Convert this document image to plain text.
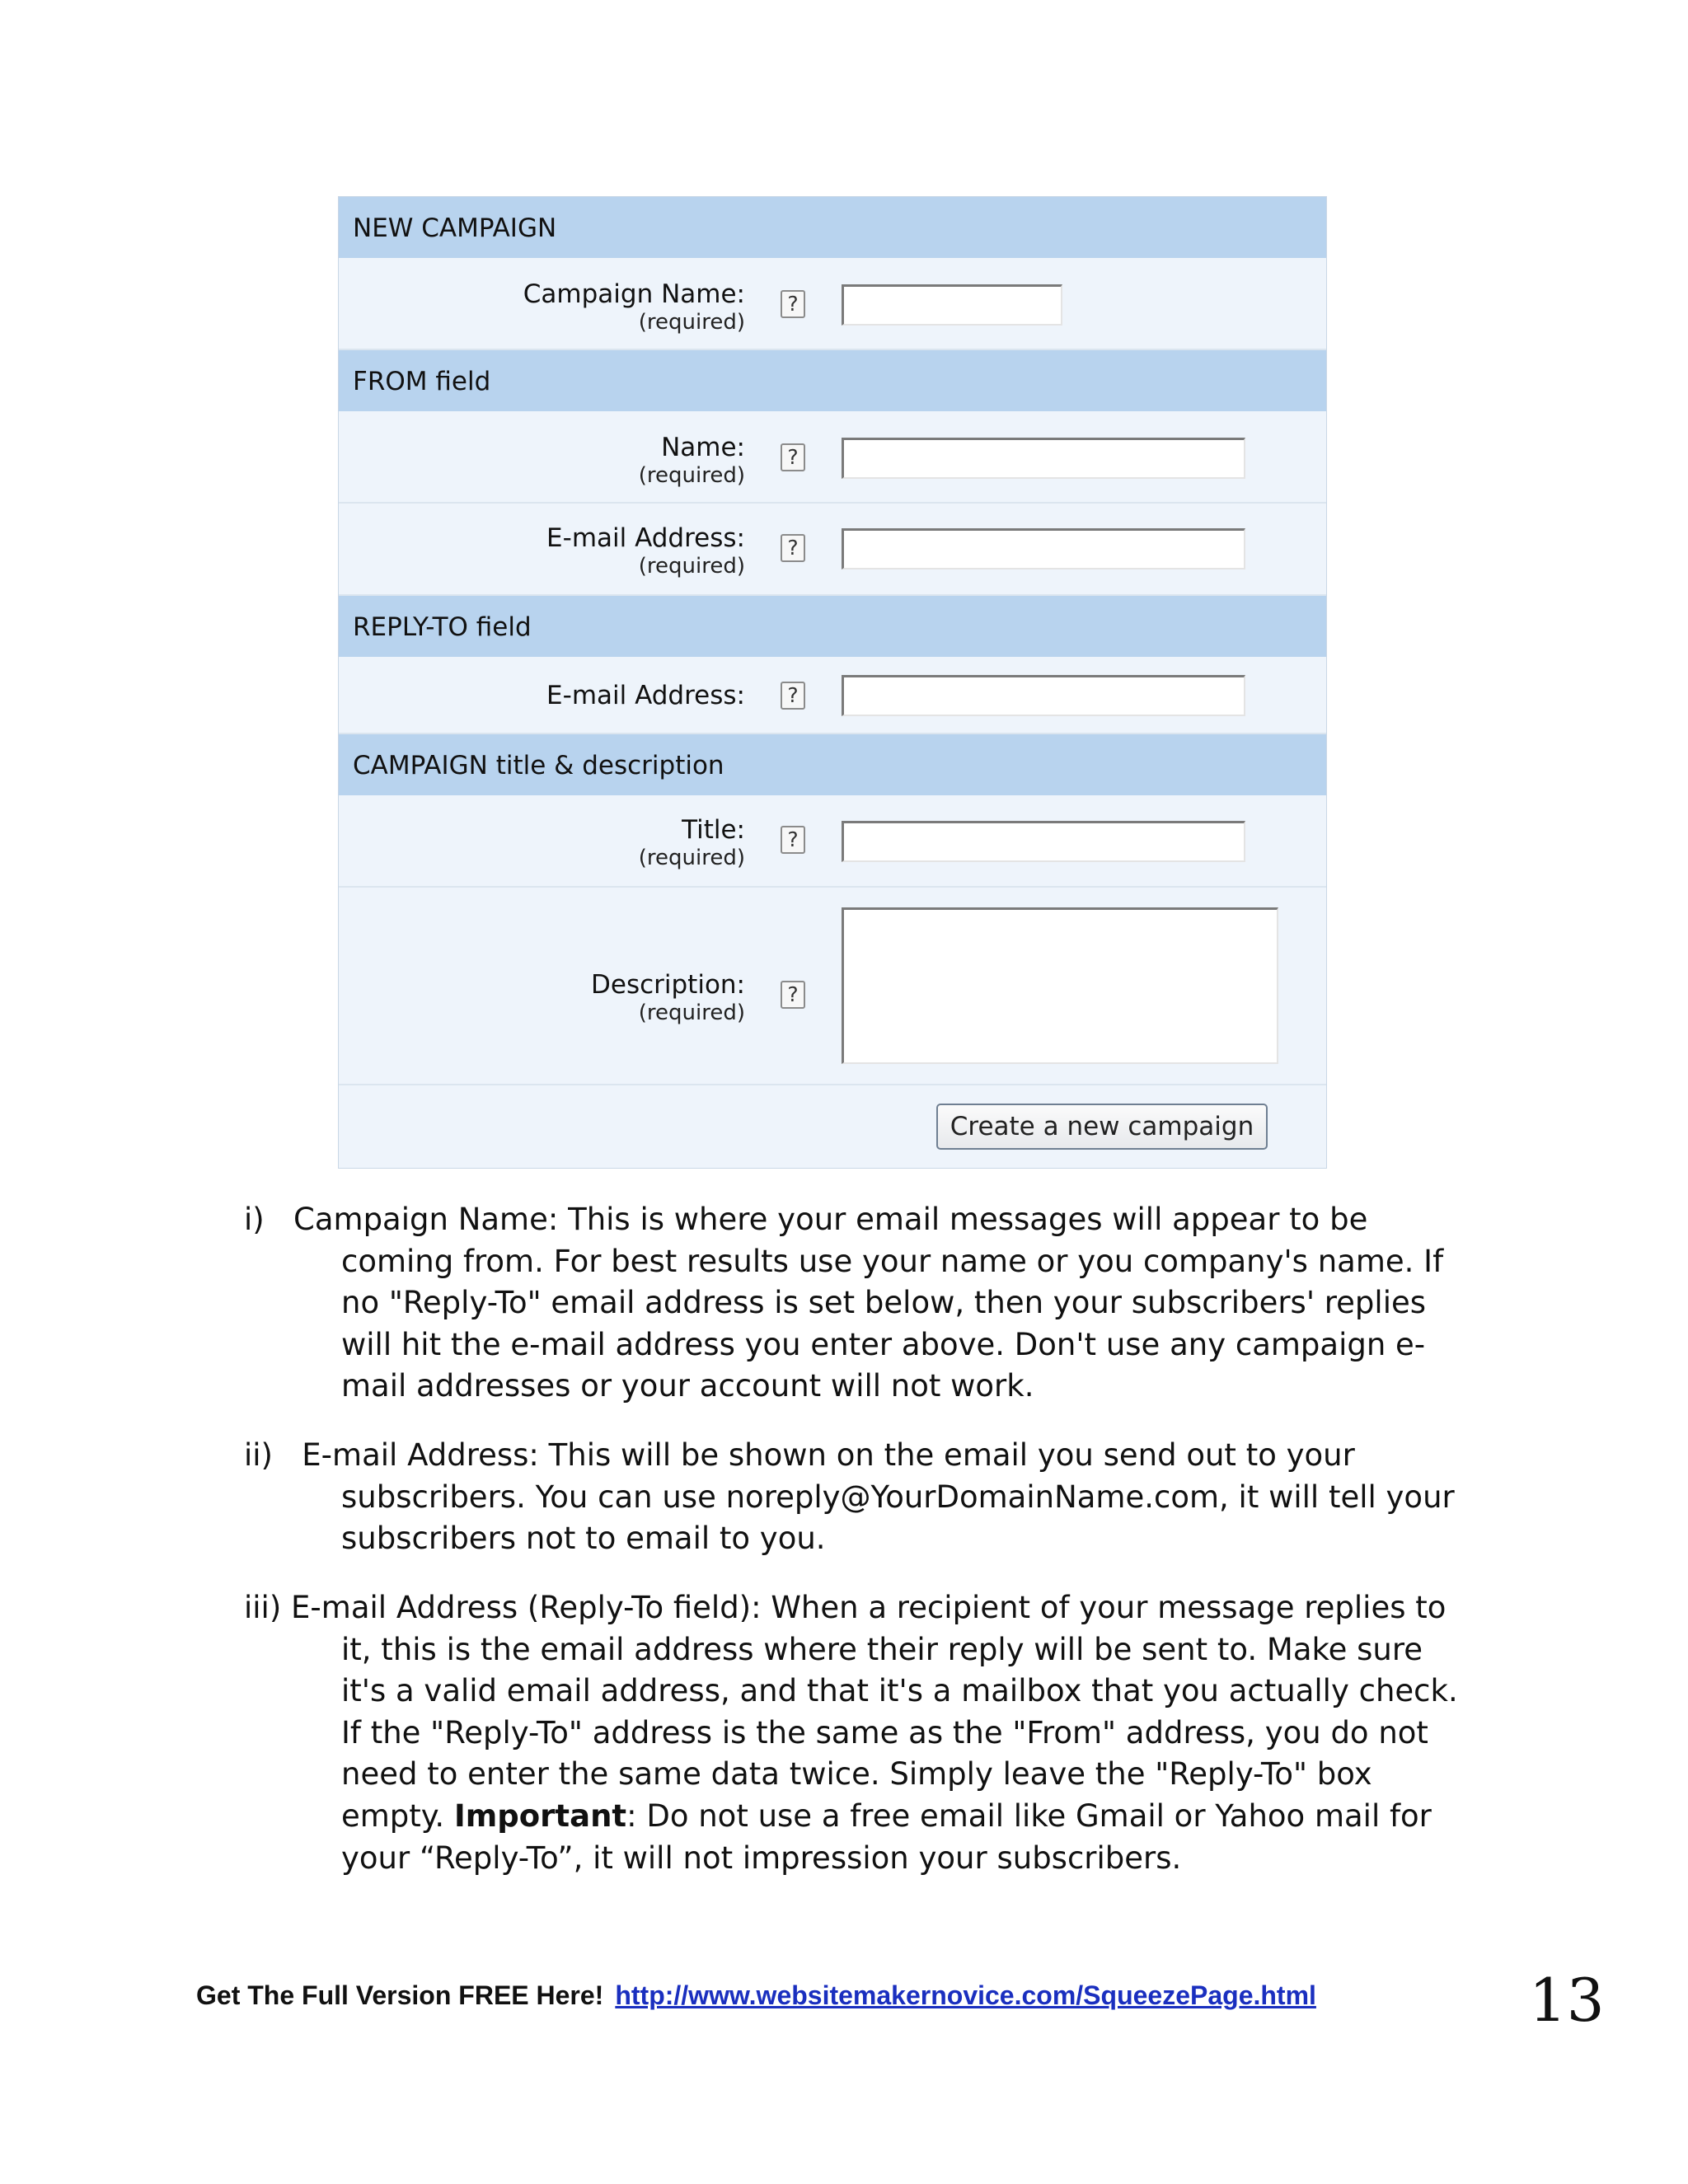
NEW CAMPAIGN
Campaign Name:
(required)
?
FROM field
Name:
(required)
?
E-mail Address:
(required)
?
REPLY-TO field
E-mail Address:	?
CAMPAIGN title & description
Title:
(required)
?
Description:
(required)
?
Create a new campaign
i) Campaign Name: This is where your email messages will appear to be
coming from. For best results use your name or you company's name. If
no "Reply-To" email address is set below, then your subscribers' replies
will hit the e-mail address you enter above. Don't use any campaign e-
mail addresses or your account will not work.
ii) E-mail Address: This will be shown on the email you send out to your
subscribers. You can use noreply@YourDomainName.com, it will tell your
subscribers not to email to you.
iii) E-mail Address (Reply-To field): When a recipient of your message replies to
it, this is the email address where their reply will be sent to. Make sure
it's a valid email address, and that it's a mailbox that you actually check.
If the "Reply-To" address is the same as the "From" address, you do not
need to enter the same data twice. Simply leave the "Reply-To" box
empty. Important: Do not use a free email like Gmail or Yahoo mail for
your “Reply-To”, it will not impression your subscribers.
Get The Full Version FREE Here! http://www.websitemakernovice.com/SqueezePage.html	13
